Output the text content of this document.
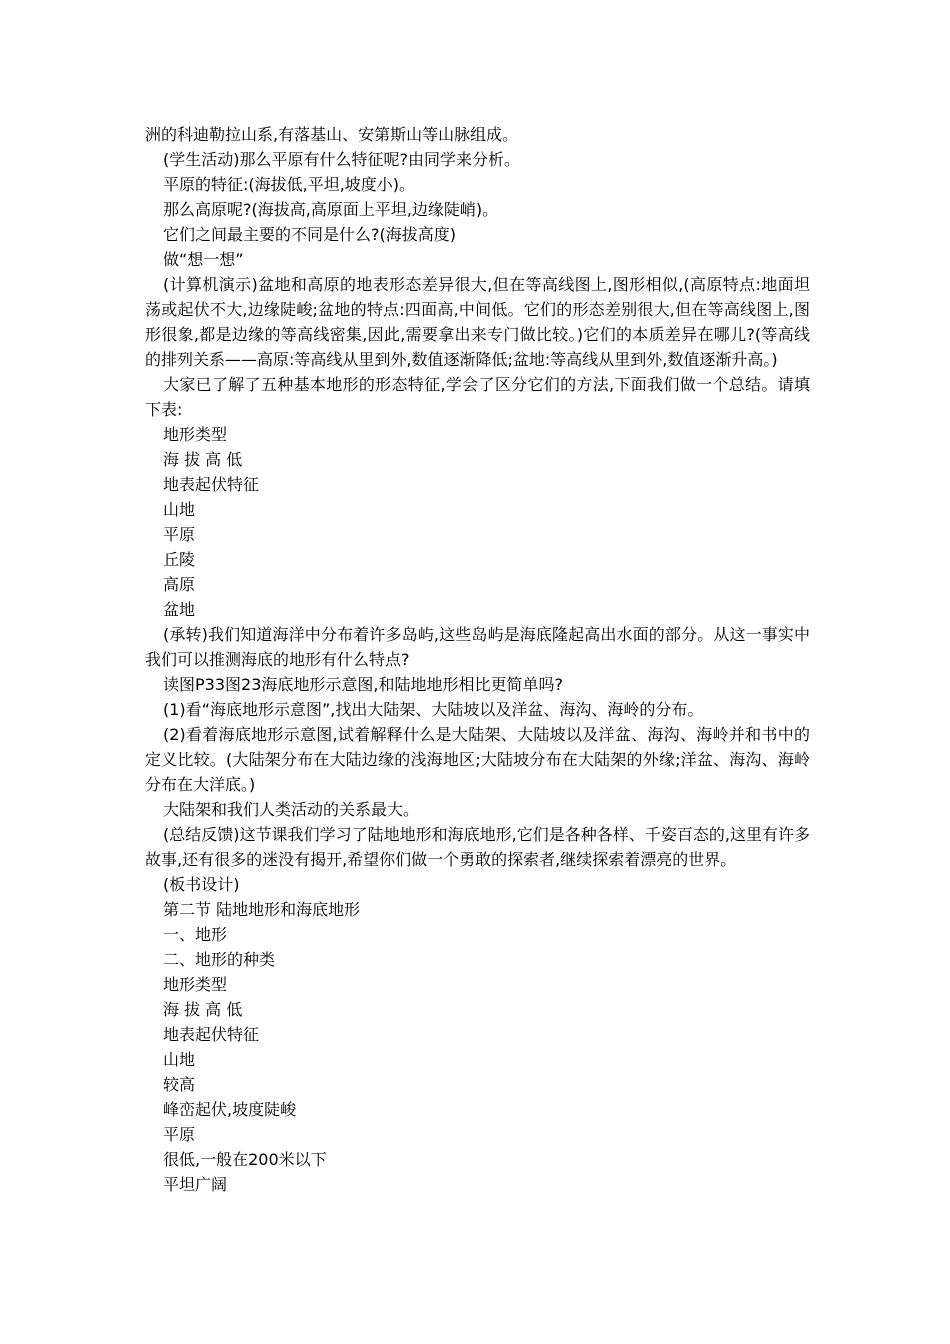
洲的科迪勒拉山系,有落基山、安第斯山等山脉组成。

(学生活动)那么平原有什么特征呢?由同学来分析。

平原的特征:(海拔低,平坦,坡度小)。

那么高原呢?(海拔高,高原面上平坦,边缘陡峭)。

它们之间最主要的不同是什么?(海拔高度)

做“想一想”

(计算机演示)盆地和高原的地表形态差异很大,但在等高线图上,图形相似,(高原特点:地面坦荡或起伏不大,边缘陡峻;盆地的特点:四面高,中间低。它们的形态差别很大,但在等高线图上,图形很象,都是边缘的等高线密集,因此,需要拿出来专门做比较。)它们的本质差异在哪儿?(等高线的排列关系——高原:等高线从里到外,数值逐渐降低;盆地:等高线从里到外,数值逐渐升高。)

大家已了解了五种基本地形的形态特征,学会了区分它们的方法,下面我们做一个总结。请填下表:

地形类型

海 拔 高 低

地表起伏特征

山地

平原

丘陵

高原

盆地

(承转)我们知道海洋中分布着许多岛屿,这些岛屿是海底隆起高出水面的部分。从这一事实中我们可以推测海底的地形有什么特点?

读图P33图23海底地形示意图,和陆地地形相比更简单吗?

(1)看“海底地形示意图”,找出大陆架、大陆坡以及洋盆、海沟、海岭的分布。

(2)看着海底地形示意图,试着解释什么是大陆架、大陆坡以及洋盆、海沟、海岭并和书中的定义比较。(大陆架分布在大陆边缘的浅海地区;大陆坡分布在大陆架的外缘;洋盆、海沟、海岭分布在大洋底。)

大陆架和我们人类活动的关系最大。

(总结反馈)这节课我们学习了陆地地形和海底地形,它们是各种各样、千姿百态的,这里有许多故事,还有很多的迷没有揭开,希望你们做一个勇敢的探索者,继续探索着漂亮的世界。

(板书设计)

第二节 陆地地形和海底地形

一、地形

二、地形的种类

地形类型

海 拔 高 低

地表起伏特征

山地

较高

峰峦起伏,坡度陡峻

平原

很低,一般在200米以下

平坦广阔
